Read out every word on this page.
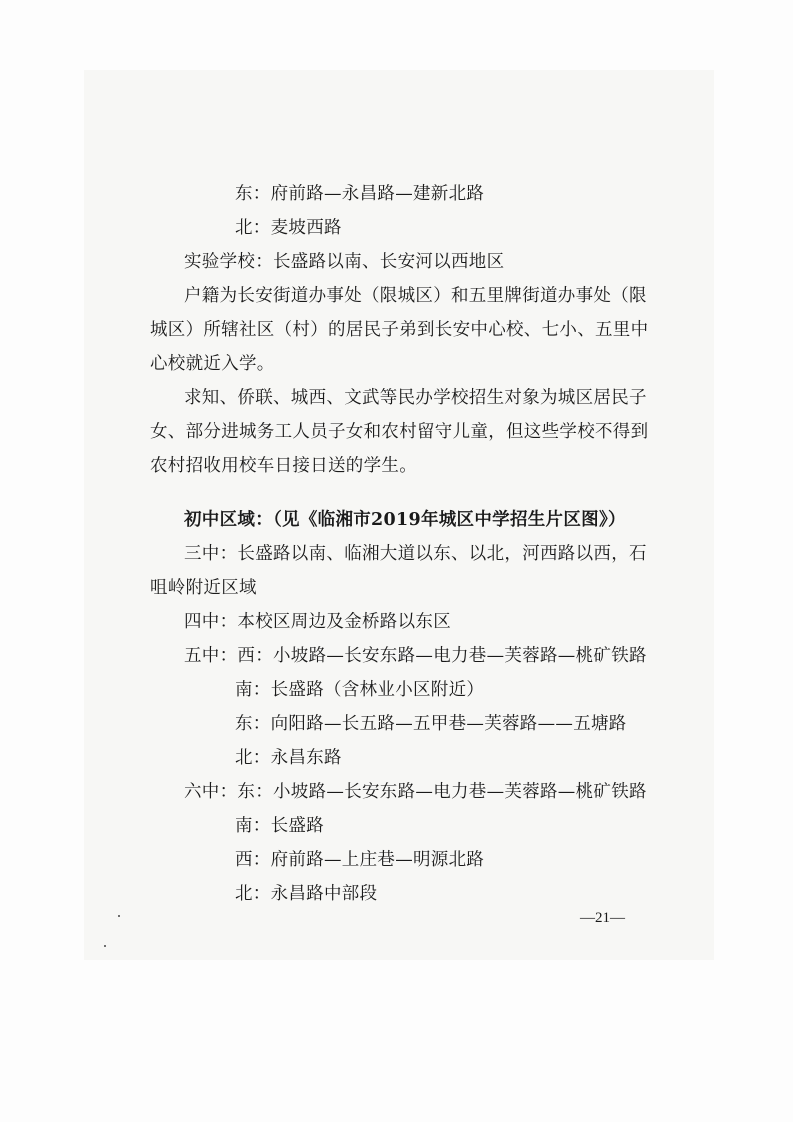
东：府前路—永昌路—建新北路
北：麦坡西路
实验学校：长盛路以南、长安河以西地区
户籍为长安街道办事处（限城区）和五里牌街道办事处（限
城区）所辖社区（村）的居民子弟到长安中心校、七小、五里中
心校就近入学。
求知、侨联、城西、文武等民办学校招生对象为城区居民子
女、部分进城务工人员子女和农村留守儿童，但这些学校不得到
农村招收用校车日接日送的学生。
初中区域：（见《临湘市2019年城区中学招生片区图》）
三中：长盛路以南、临湘大道以东、以北，河西路以西，石
咀岭附近区域
四中：本校区周边及金桥路以东区
五中：西：小坡路—长安东路—电力巷—芙蓉路—桃矿铁路
南：长盛路（含林业小区附近）
东：向阳路—长五路—五甲巷—芙蓉路——五塘路
北：永昌东路
六中：东：小坡路—长安东路—电力巷—芙蓉路—桃矿铁路
南：长盛路
西：府前路—上庄巷—明源北路
北：永昌路中部段
—21—
